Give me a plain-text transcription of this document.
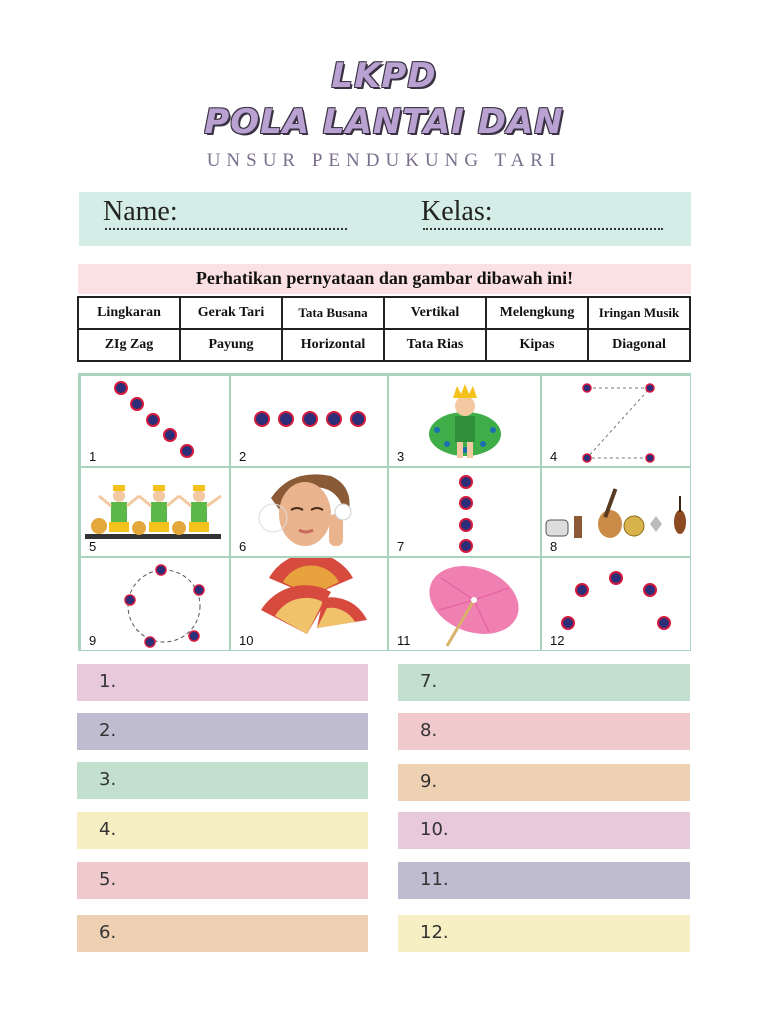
LKPD
POLA LANTAI DAN
UNSUR PENDUKUNG TARI
Name:	Kelas:
Perhatikan pernyataan dan gambar dibawah ini!
Lingkaran	Gerak Tari	Tata Busana	Vertikal	Melengkung	Iringan Musik
ZIg Zag	Payung	Horizontal	Tata Rias	Kipas	Diagonal
1	2	3	4
5	6	7	8
9	10	11	12
1.
2.
3.
4.
5.
6.
7.
8.
9.
10.
11.
12.
